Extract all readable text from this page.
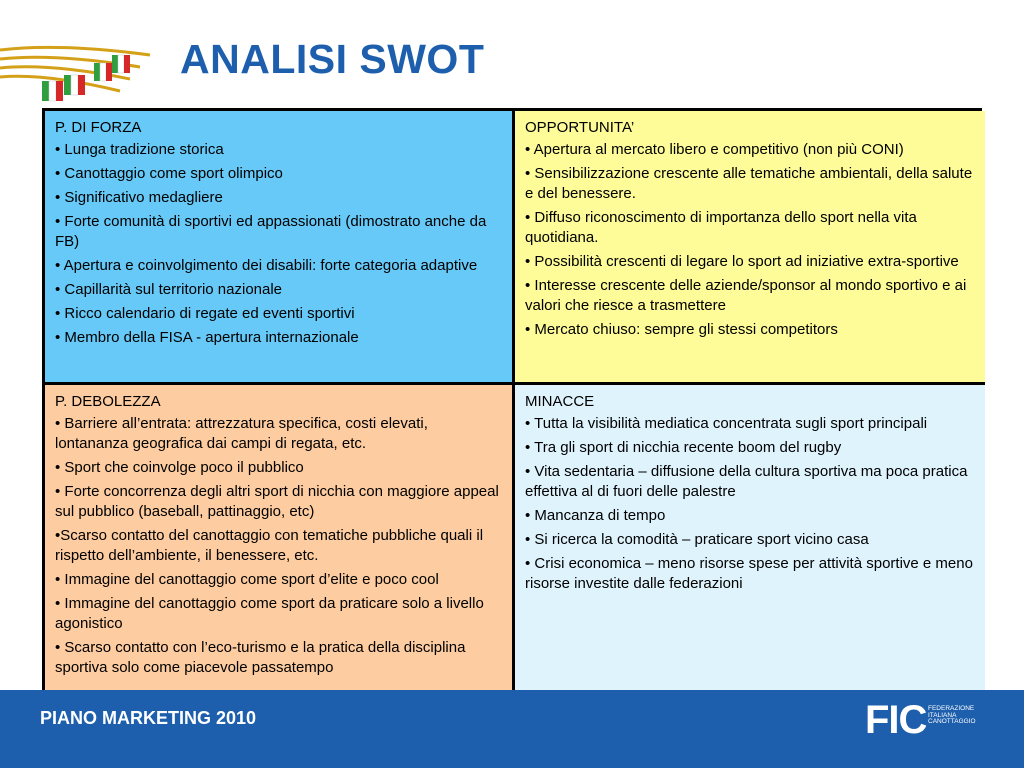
ANALISI SWOT
P. DI FORZA
• Lunga tradizione storica
• Canottaggio come sport olimpico
• Significativo medagliere
• Forte comunità di sportivi ed appassionati (dimostrato anche da FB)
• Apertura e coinvolgimento dei disabili: forte categoria adaptive
• Capillarità sul territorio nazionale
• Ricco calendario di regate ed eventi sportivi
• Membro della FISA - apertura internazionale
OPPORTUNITA’
• Apertura al mercato libero e competitivo (non più CONI)
• Sensibilizzazione crescente alle tematiche ambientali, della salute e del benessere.
• Diffuso riconoscimento di importanza dello sport nella vita quotidiana.
• Possibilità crescenti di legare lo sport ad iniziative extra-sportive
• Interesse crescente delle aziende/sponsor al mondo sportivo e ai valori che riesce a trasmettere
• Mercato chiuso: sempre gli stessi competitors
P. DEBOLEZZA
• Barriere all’entrata: attrezzatura specifica, costi elevati, lontananza geografica dai campi di regata, etc.
• Sport che coinvolge poco il pubblico
• Forte concorrenza degli altri sport di nicchia con maggiore appeal sul pubblico (baseball, pattinaggio, etc)
•Scarso contatto del canottaggio con tematiche pubbliche quali il rispetto dell’ambiente, il benessere, etc.
• Immagine del canottaggio come sport d’elite e poco cool
• Immagine del canottaggio come sport da praticare solo a livello agonistico
• Scarso contatto con l’eco-turismo e la pratica della disciplina sportiva solo come piacevole passatempo
MINACCE
• Tutta la visibilità mediatica concentrata sugli sport principali
• Tra gli sport di nicchia recente boom del rugby
• Vita sedentaria – diffusione della cultura sportiva ma poca pratica effettiva al di fuori delle palestre
• Mancanza di tempo
• Si ricerca la comodità – praticare sport vicino casa
• Crisi economica – meno risorse spese per attività sportive e meno risorse investite dalle federazioni
PIANO MARKETING 2010	FIC FEDERAZIONE
ITALIANA
CANOTTAGGIO
